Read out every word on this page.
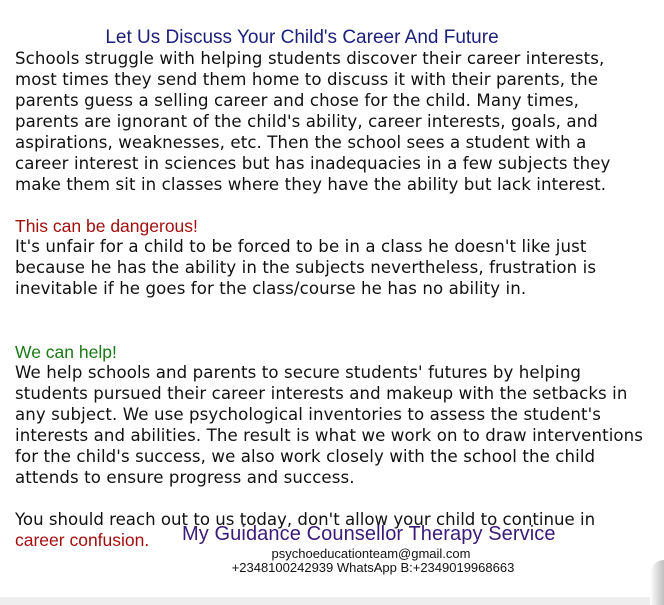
Let Us Discuss Your Child's Career And Future
Schools struggle with helping students discover their career interests,
most times they send them home to discuss it with their parents, the
parents guess a selling career and chose for the child. Many times,
parents are ignorant of the child's ability, career interests, goals, and
aspirations, weaknesses, etc. Then the school sees a student with a
career interest in sciences but has inadequacies in a few subjects they
make them sit in classes where they have the ability but lack interest.
This can be dangerous!
It's unfair for a child to be forced to be in a class he doesn't like just
because he has the ability in the subjects nevertheless, frustration is
inevitable if he goes for the class/course he has no ability in.
We can help!
We help schools and parents to secure students' futures by helping
students pursued their career interests and makeup with the setbacks in
any subject. We use psychological inventories to assess the student's
interests and abilities. The result is what we work on to draw interventions
for the child's success, we also work closely with the school the child
attends to ensure progress and success.
You should reach out to us today, don't allow your child to continue in
career confusion. My Guidance Counsellor Therapy Service
psychoeducationteam@gmail.com
+2348100242939 WhatsApp B:+2349019968663
